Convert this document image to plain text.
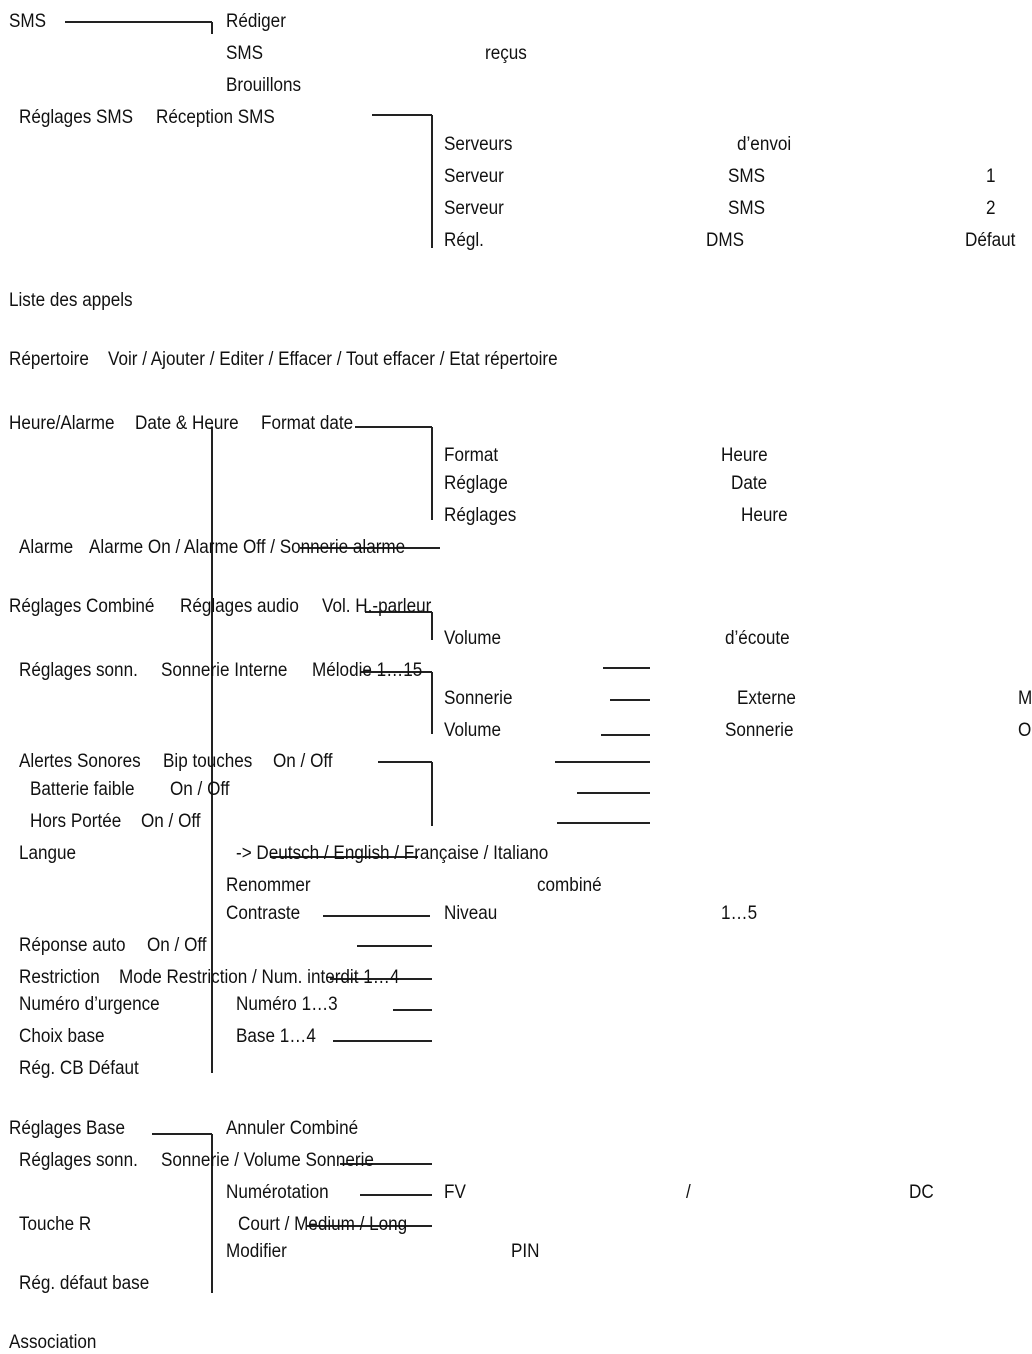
SMS	Rédiger
SMS	reçus
Brouillons
Réglages SMS Réception SMS
Serveurs	d’envoi
Serveur	SMS	1
Serveur	SMS	2
Régl.	DMS	Défaut
Liste des appels
Répertoire Voir / Ajouter / Editer / Effacer / Tout effacer / Etat répertoire
Heure/Alarme Date & Heure Format date
Format	Heure
Réglage	Date
Réglages	Heure
Alarme Alarme On / Alarme Off / Sonnerie alarme
Réglages Combiné Réglages audio Vol. H.-parleur
Volume	d’écoute
Réglages sonn. Sonnerie Interne Mélodie 1…15
Sonnerie	Externe	M
Volume	Sonnerie	O
Alertes Sonores Bip touches On / Off
Batterie faible On / Off
Hors Portée On / Off
Langue	-> Deutsch / English / Française / Italiano
Renommer	combiné
Contraste	Niveau	1…5
Réponse auto On / Off
Restriction Mode Restriction / Num. interdit 1…4
Numéro d’urgence	Numéro 1…3
Choix base	Base 1…4
Rég. CB Défaut
Réglages Base	Annuler Combiné
Réglages sonn. Sonnerie / Volume Sonnerie
Numérotation	FV	/	DC
Touche R	Court / Medium / Long
Modifier	PIN
Rég. défaut base
Association
